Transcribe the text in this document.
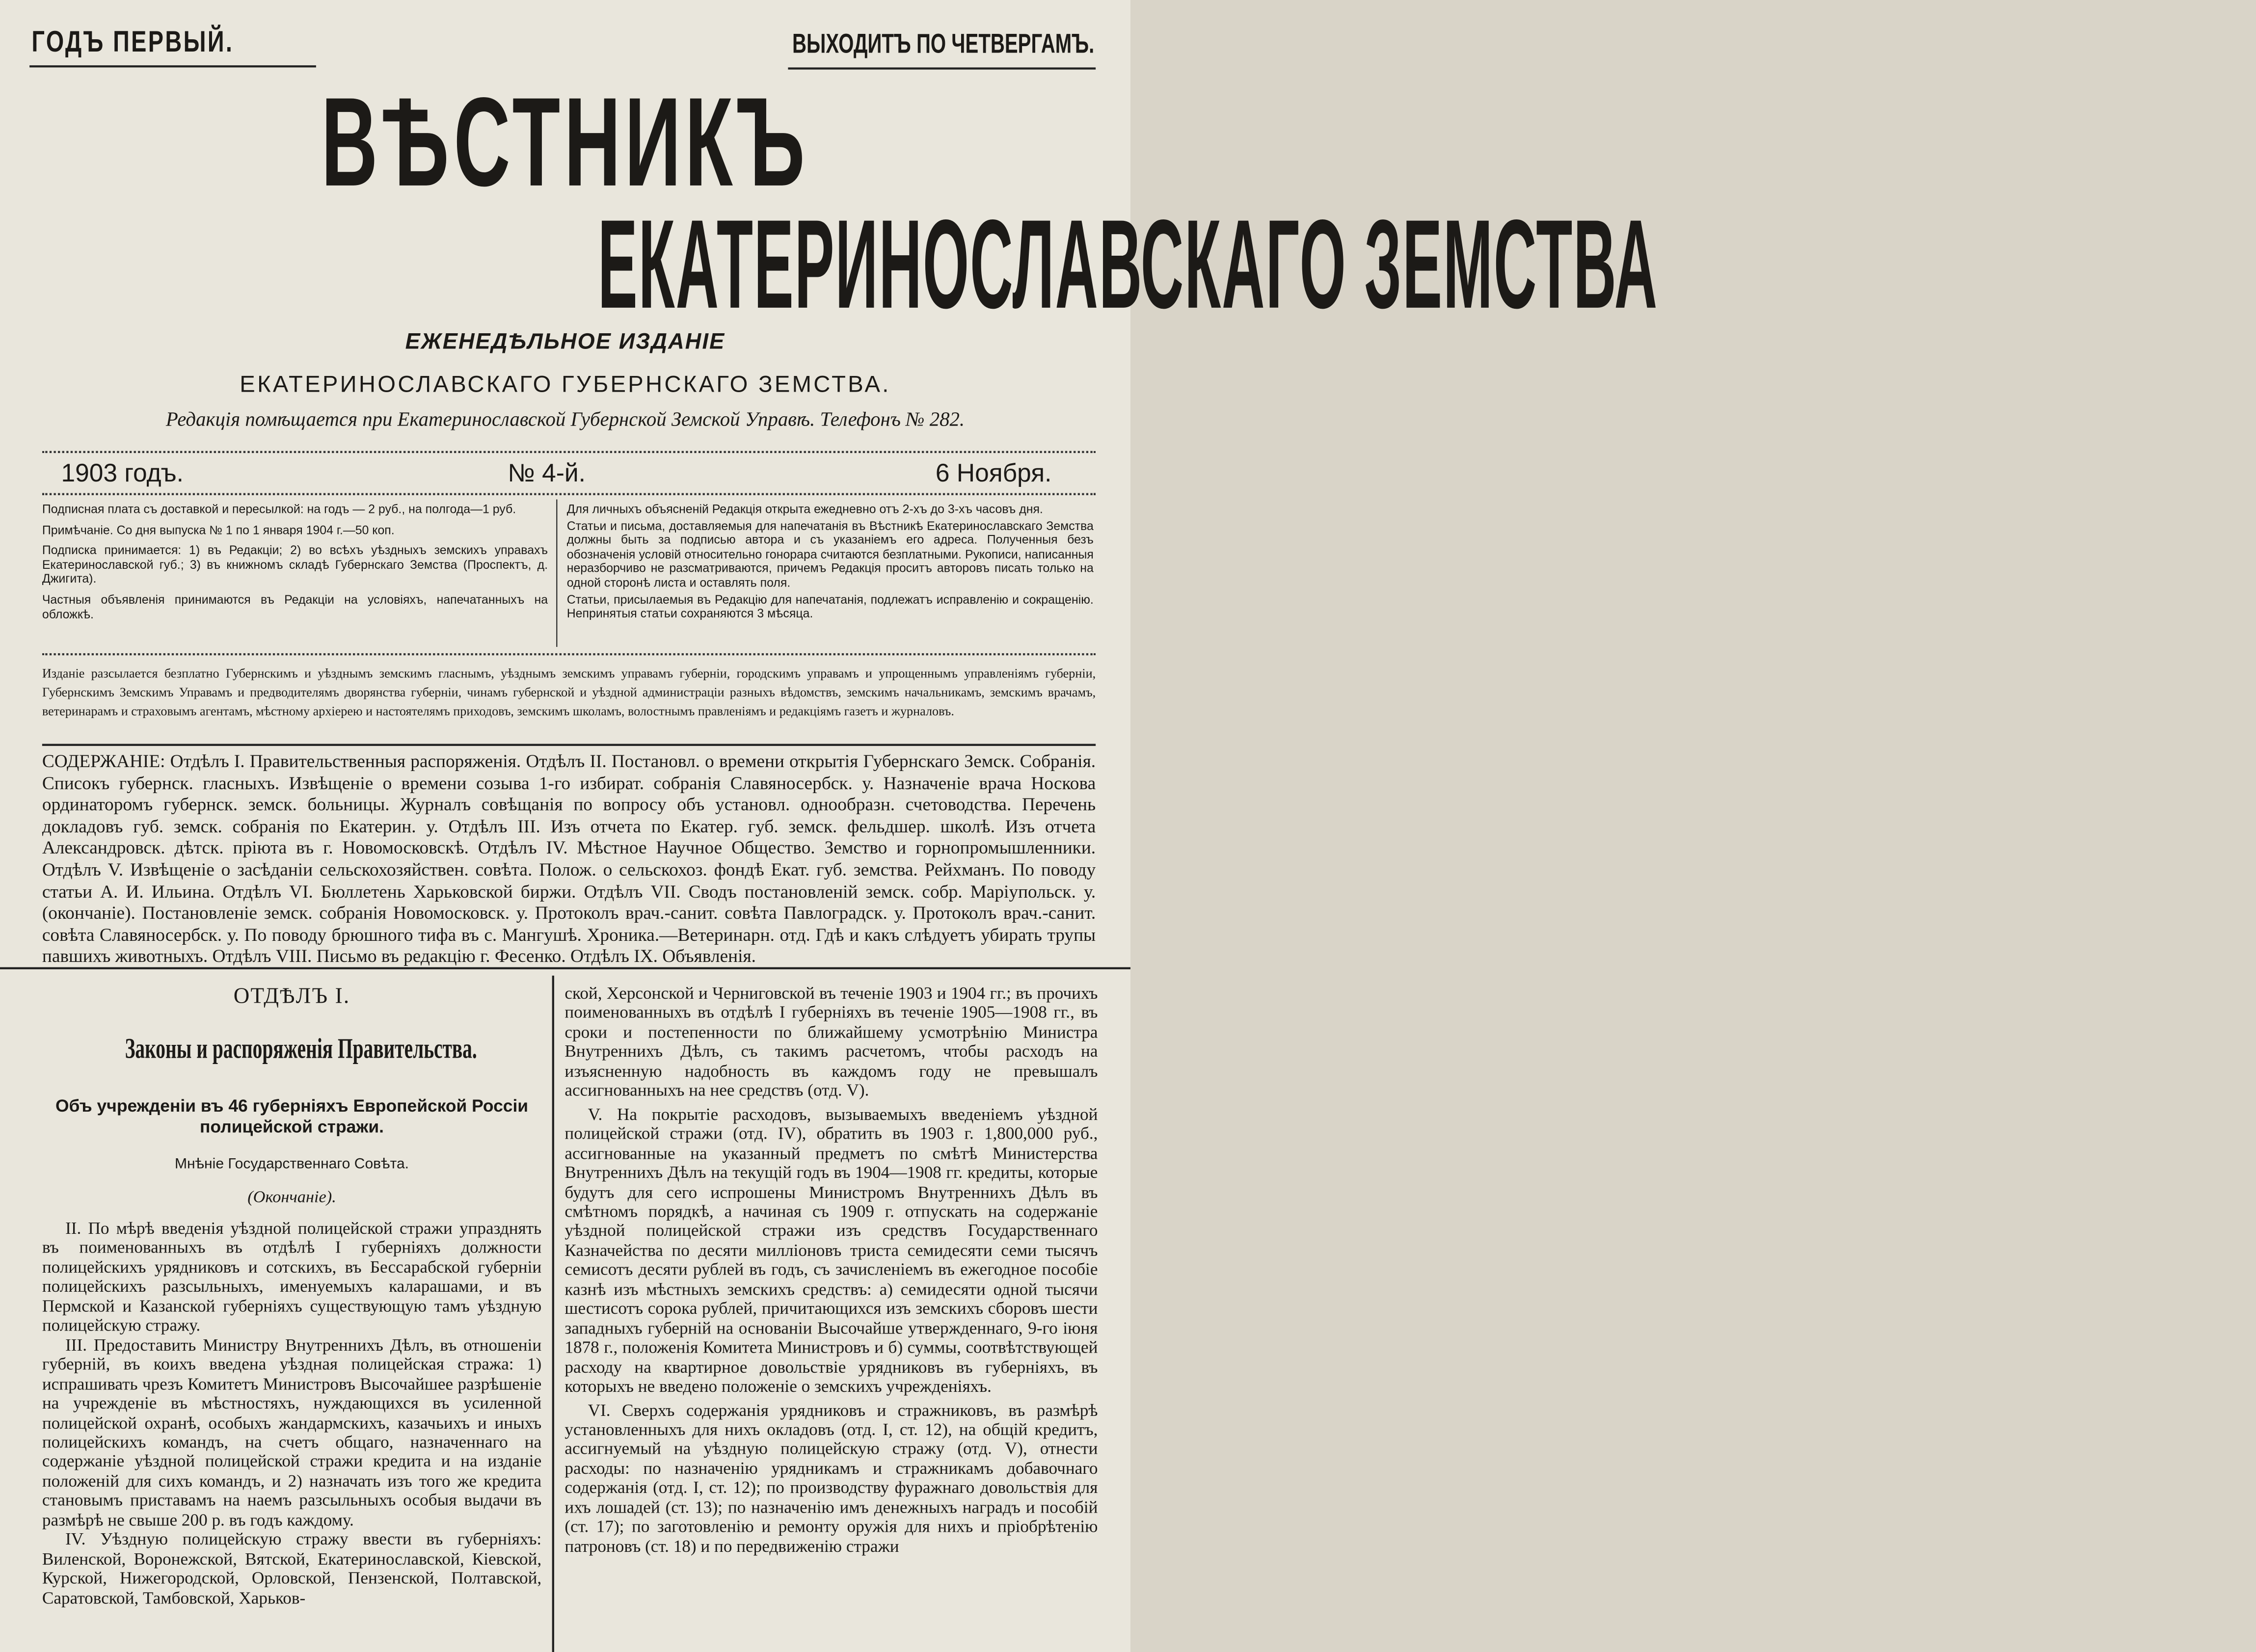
ГОДЪ ПЕРВЫЙ.	ВЫХОДИТЪ ПО ЧЕТВЕРГАМЪ.
ВѢСТНИКЪ
ЕКАТЕРИНОСЛАВСКАГО ЗЕМСТВА
ЕЖЕНЕДѢЛЬНОЕ ИЗДАНІЕ
ЕКАТЕРИНОСЛАВСКАГО ГУБЕРНСКАГО ЗЕМСТВА.
Редакція помѣщается при Екатеринославской Губернской Земской Управѣ. Телефонъ № 282.
1903 годъ.	№ 4-й.	6 Ноября.

Подписная плата съ доставкой и пересылкой: на годъ — 2 руб., на полгода—1 руб.

Примѣчаніе. Со дня выпуска № 1 по 1 января 1904 г.—50 коп.

Подписка принимается: 1) въ Редакціи; 2) во всѣхъ уѣздныхъ земскихъ управахъ Екатеринославской губ.; 3) въ книжномъ складѣ Губернскаго Земства (Проспектъ, д. Джигита).

Частныя объявленія принимаются въ Редакціи на условіяхъ, напечатанныхъ на обложкѣ.

Для личныхъ объясненій Редакція открыта ежедневно отъ 2-хъ до 3-хъ часовъ дня.

Статьи и письма, доставляемыя для напечатанія въ Вѣстникѣ Екатеринославскаго Земства должны быть за подписью автора и съ указаніемъ его адреса. Полученныя безъ обозначенія условій относительно гонорара считаются безплатными. Рукописи, написанныя неразборчиво не разсматриваются, причемъ Редакція проситъ авторовъ писать только на одной сторонѣ листа и оставлять поля.

Статьи, присылаемыя въ Редакцію для напечатанія, подлежатъ исправленію и сокращенію. Непринятыя статьи сохраняются 3 мѣсяца.

Изданіе разсылается безплатно Губернскимъ и уѣзднымъ земскимъ гласнымъ, уѣзднымъ земскимъ управамъ губерніи, городскимъ управамъ и упрощеннымъ управленіямъ губерніи, Губернскимъ Земскимъ Управамъ и предводителямъ дворянства губерніи, чинамъ губернской и уѣздной администраціи разныхъ вѣдомствъ, земскимъ начальникамъ, земскимъ врачамъ, ветеринарамъ и страховымъ агентамъ, мѣстному архіерею и настоятелямъ приходовъ, земскимъ школамъ, волостнымъ правленіямъ и редакціямъ газетъ и журналовъ.
СОДЕРЖАНІЕ: Отдѣлъ I. Правительственныя распоряженія. Отдѣлъ II. Постановл. о времени открытія Губернскаго Земск. Собранія. Списокъ губернск. гласныхъ. Извѣщеніе о времени созыва 1-го избират. собранія Славяносербск. у. Назначеніе врача Носкова ординаторомъ губернск. земск. больницы. Журналъ совѣщанія по вопросу объ установл. однообразн. счетоводства. Перечень докладовъ губ. земск. собранія по Екатерин. у. Отдѣлъ III. Изъ отчета по Екатер. губ. земск. фельдшер. школѣ. Изъ отчета Александровск. дѣтск. пріюта въ г. Новомосковскѣ. Отдѣлъ IV. Мѣстное Научное Общество. Земство и горнопромышленники. Отдѣлъ V. Извѣщеніе о засѣданіи сельскохозяйствен. совѣта. Полож. о сельскохоз. фондѣ Екат. губ. земства. Рейхманъ. По поводу статьи А. И. Ильина. Отдѣлъ VI. Бюллетень Харьковской биржи. Отдѣлъ VII. Сводъ постановленій земск. собр. Маріупольск. у. (окончаніе). Постановленіе земск. собранія Новомосковск. у. Протоколъ врач.-санит. совѣта Павлоградск. у. Протоколъ врач.-санит. совѣта Славяносербск. у. По поводу брюшного тифа въ с. Мангушѣ. Хроника.—Ветеринарн. отд. Гдѣ и какъ слѣдуетъ убирать трупы павшихъ животныхъ. Отдѣлъ VIII. Письмо въ редакцію г. Фесенко. Отдѣлъ IX. Объявленія.
ОТДѢЛЪ I.
Законы и распоряженія Правительства.
Объ учрежденіи въ 46 губерніяхъ Европейской Россіи полицейской стражи.
Мнѣніе Государственнаго Совѣта.
(Окончаніе).

II. По мѣрѣ введенія уѣздной полицейской стражи упразднять въ поименованныхъ въ отдѣлѣ I губерніяхъ должности полицейскихъ урядниковъ и сотскихъ, въ Бессарабской губерніи полицейскихъ разсыльныхъ, именуемыхъ каларашами, и въ Пермской и Казанской губерніяхъ существующую тамъ уѣздную полицейскую стражу.

III. Предоставить Министру Внутреннихъ Дѣлъ, въ отношеніи губерній, въ коихъ введена уѣздная полицейская стража: 1) испрашивать чрезъ Комитетъ Министровъ Высочайшее разрѣшеніе на учрежденіе въ мѣстностяхъ, нуждающихся въ усиленной полицейской охранѣ, особыхъ жандармскихъ, казачьихъ и иныхъ полицейскихъ командъ, на счетъ общаго, назначеннаго на содержаніе уѣздной полицейской стражи кредита и на изданіе положеній для сихъ командъ, и 2) назначать изъ того же кредита становымъ приставамъ на наемъ разсыльныхъ особыя выдачи въ размѣрѣ не свыше 200 р. въ годъ каждому.

IV. Уѣздную полицейскую стражу ввести въ губерніяхъ: Виленской, Воронежской, Вятской, Екатеринославской, Кіевской, Курской, Нижегородской, Орловской, Пензенской, Полтавской, Саратовской, Тамбовской, Харьков-

ской, Херсонской и Черниговской въ теченіе 1903 и 1904 гг.; въ прочихъ поименованныхъ въ отдѣлѣ I губерніяхъ въ теченіе 1905—1908 гг., въ сроки и постепенности по ближайшему усмотрѣнію Министра Внутреннихъ Дѣлъ, съ такимъ расчетомъ, чтобы расходъ на изъясненную надобность въ каждомъ году не превышалъ ассигнованныхъ на нее средствъ (отд. V).

V. На покрытіе расходовъ, вызываемыхъ введеніемъ уѣздной полицейской стражи (отд. IV), обратить въ 1903 г. 1,800,000 руб., ассигнованные на указанный предметъ по смѣтѣ Министерства Внутреннихъ Дѣлъ на текущій годъ въ 1904—1908 гг. кредиты, которые будутъ для сего испрошены Министромъ Внутреннихъ Дѣлъ въ смѣтномъ порядкѣ, а начиная съ 1909 г. отпускать на содержаніе уѣздной полицейской стражи изъ средствъ Государственнаго Казначейства по десяти милліоновъ триста семидесяти семи тысячъ семисотъ десяти рублей въ годъ, съ зачисленіемъ въ ежегодное пособіе казнѣ изъ мѣстныхъ земскихъ средствъ: а) семидесяти одной тысячи шестисотъ сорока рублей, причитающихся изъ земскихъ сборовъ шести западныхъ губерній на основаніи Высочайше утвержденнаго, 9-го іюня 1878 г., положенія Комитета Министровъ и б) суммы, соотвѣтствующей расходу на квартирное довольствіе урядниковъ въ губерніяхъ, въ которыхъ не введено положеніе о земскихъ учрежденіяхъ.

VI. Сверхъ содержанія урядниковъ и стражниковъ, въ размѣрѣ установленныхъ для нихъ окладовъ (отд. I, ст. 12), на общій кредитъ, ассигнуемый на уѣздную полицейскую стражу (отд. V), отнести расходы: по назначенію урядникамъ и стражникамъ добавочнаго содержанія (отд. I, ст. 12); по производству фуражнаго довольствія для ихъ лошадей (ст. 13); по назначенію имъ денежныхъ наградъ и пособій (ст. 17); по заготовленію и ремонту оружія для нихъ и пріобрѣтенію патроновъ (ст. 18) и по передвиженію стражи
